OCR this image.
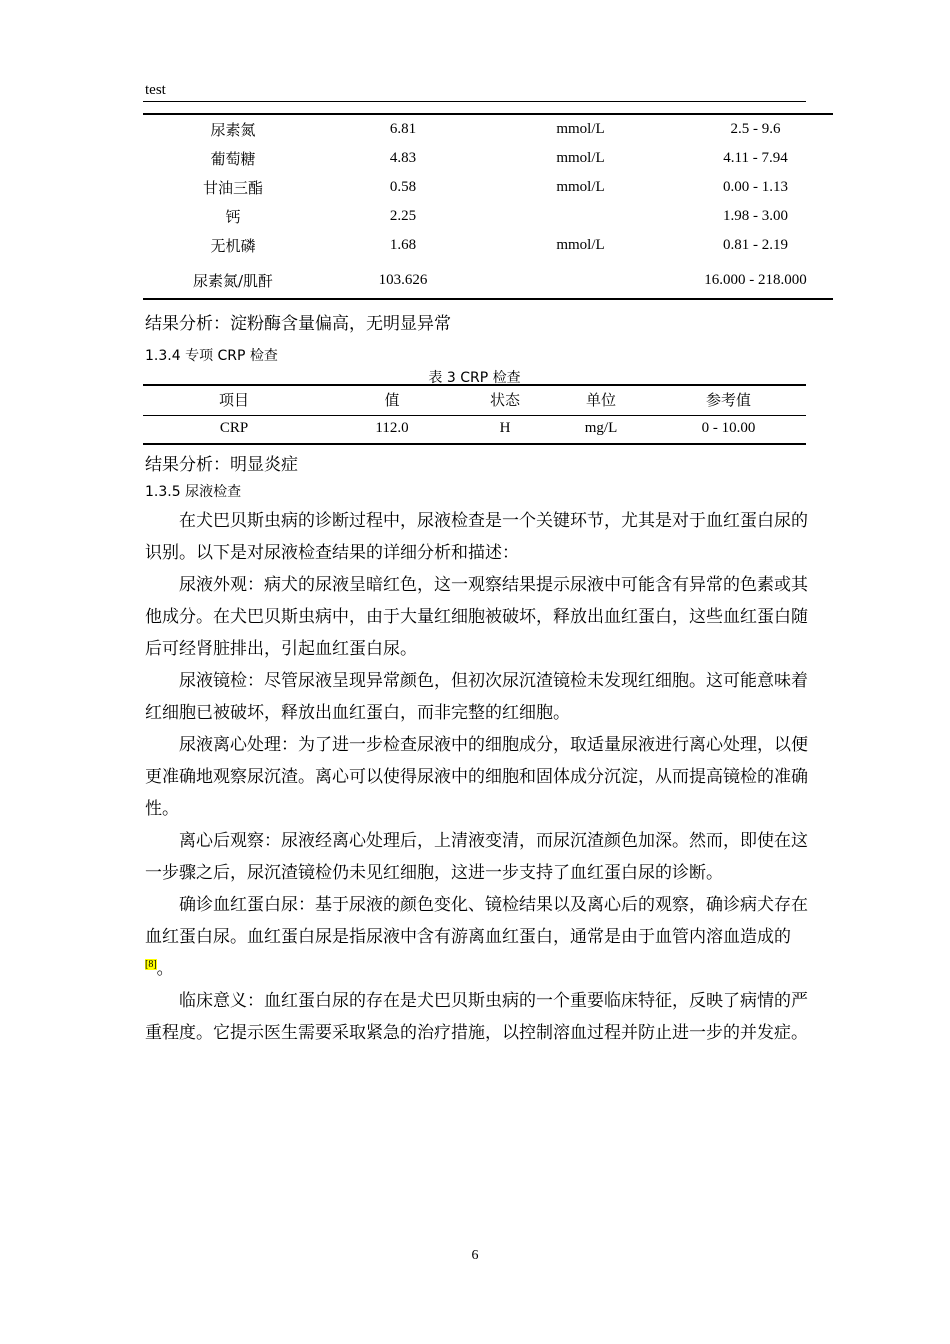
test
尿素氮	6.81	mmol/L	2.5 - 9.6
葡萄糖	4.83	mmol/L	4.11 - 7.94
甘油三酯	0.58	mmol/L	0.00 - 1.13
钙	2.25		1.98 - 3.00
无机磷	1.68	mmol/L	0.81 - 2.19
尿素氮/肌酐	103.626		16.000 - 218.000
结果分析：淀粉酶含量偏高，无明显异常
1.3.4 专项 CRP 检查
表 3 CRP 检查
项目	值	状态	单位	参考值
CRP	112.0	H	mg/L	0 - 10.00
结果分析：明显炎症
1.3.5 尿液检查

在犬巴贝斯虫病的诊断过程中，尿液检查是一个关键环节，尤其是对于血红蛋白尿的识别。以下是对尿液检查结果的详细分析和描述：

尿液外观：病犬的尿液呈暗红色，这一观察结果提示尿液中可能含有异常的色素或其他成分。在犬巴贝斯虫病中，由于大量红细胞被破坏，释放出血红蛋白，这些血红蛋白随后可经肾脏排出，引起血红蛋白尿。

尿液镜检：尽管尿液呈现异常颜色，但初次尿沉渣镜检未发现红细胞。这可能意味着红细胞已被破坏，释放出血红蛋白，而非完整的红细胞。

尿液离心处理：为了进一步检查尿液中的细胞成分，取适量尿液进行离心处理，以便更准确地观察尿沉渣。离心可以使得尿液中的细胞和固体成分沉淀，从而提高镜检的准确性。

离心后观察：尿液经离心处理后，上清液变清，而尿沉渣颜色加深。然而，即使在这一步骤之后，尿沉渣镜检仍未见红细胞，这进一步支持了血红蛋白尿的诊断。

确诊血红蛋白尿：基于尿液的颜色变化、镜检结果以及离心后的观察，确诊病犬存在血红蛋白尿。血红蛋白尿是指尿液中含有游离血红蛋白，通常是由于血管内溶血造成的[8]。

临床意义：血红蛋白尿的存在是犬巴贝斯虫病的一个重要临床特征，反映了病情的严重程度。它提示医生需要采取紧急的治疗措施，以控制溶血过程并防止进一步的并发症。

6
